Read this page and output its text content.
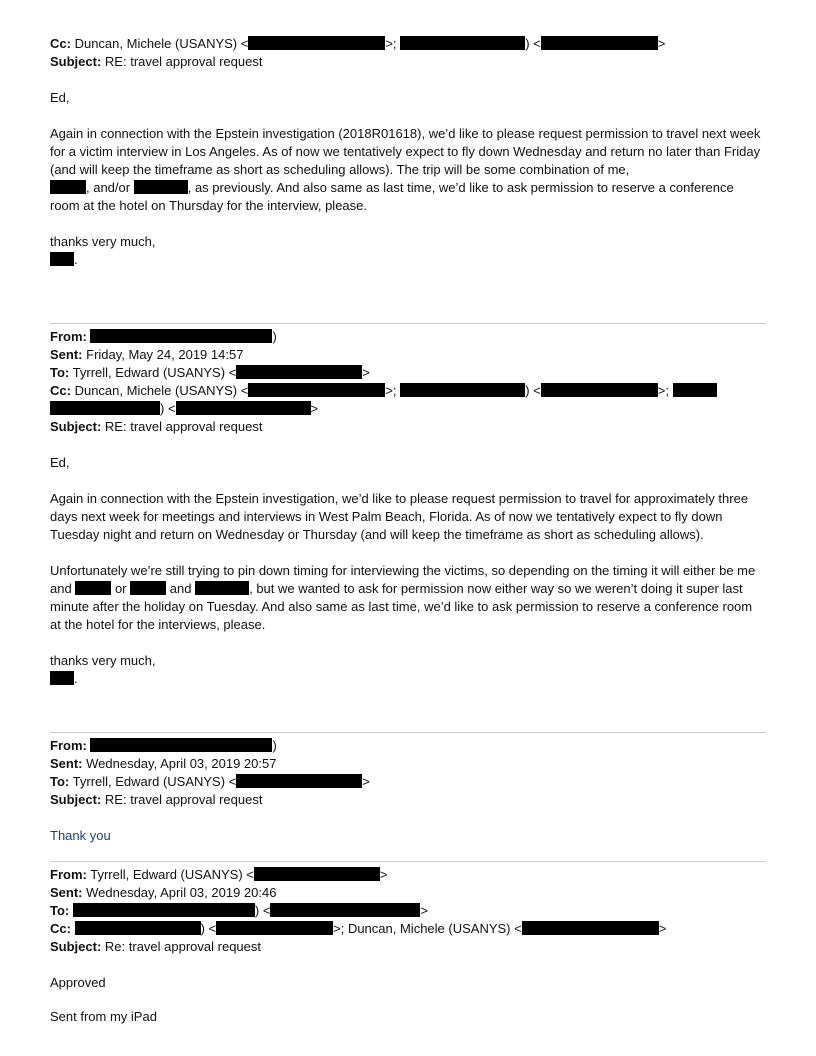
Cc: Duncan, Michele (USANYS) <	>;	) <	>
Subject: RE: travel approval request
Ed,
Again in connection with the Epstein investigation (2018R01618), we’d like to please request permission to travel next week for a victim interview in Los Angeles. As of now we tentatively expect to fly down Wednesday and return no later than Friday (and will keep the timeframe as short as scheduling allows). The trip will be some combination of me,
, and/or	, as previously. And also same as last time, we’d like to ask permission to reserve a conference room at the hotel on Thursday for the interview, please.
thanks very much,
.
From:	)
Sent: Friday, May 24, 2019 14:57
To: Tyrrell, Edward (USANYS) <	>
Cc: Duncan, Michele (USANYS) <	>;	) <	>;
) <	>
Subject: RE: travel approval request
Ed,
Again in connection with the Epstein investigation, we’d like to please request permission to travel for approximately three days next week for meetings and interviews in West Palm Beach, Florida. As of now we tentatively expect to fly down Tuesday night and return on Wednesday or Thursday (and will keep the timeframe as short as scheduling allows).
Unfortunately we’re still trying to pin down timing for interviewing the victims, so depending on the timing it will either be me and	or	and	, but we wanted to ask for permission now either way so we weren’t doing it super last minute after the holiday on Tuesday. And also same as last time, we’d like to ask permission to reserve a conference room at the hotel for the interviews, please.
thanks very much,
.
From:	)
Sent: Wednesday, April 03, 2019 20:57
To: Tyrrell, Edward (USANYS) <	>
Subject: RE: travel approval request
Thank you
From: Tyrrell, Edward (USANYS) <	>
Sent: Wednesday, April 03, 2019 20:46
To:	) <	>
Cc:	) <	>; Duncan, Michele (USANYS) <	>
Subject: Re: travel approval request
Approved
Sent from my iPad
